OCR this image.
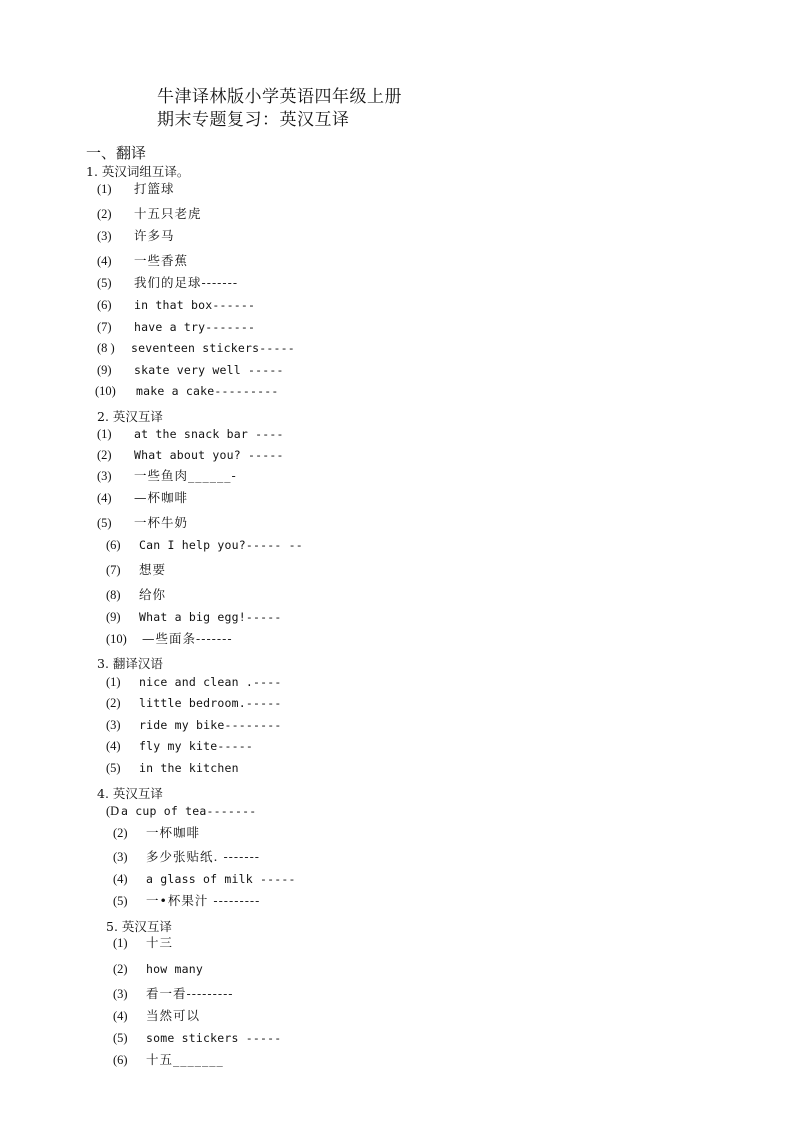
牛津译林版小学英语四年级上册
期末专题复习：英汉互译
一、翻译
1. 英汉词组互译。
(1) 打篮球
(2) 十五只老虎
(3) 许多马
(4) 一些香蕉
(5) 我们的足球-------
(6) in that box------
(7) have a try-------
(8 ) seventeen stickers-----
(9) skate very well -----
(10) make a cake---------
2. 英汉互译
(1) at the snack bar ----
(2) What about you? -----
(3) 一些鱼肉______-
(4) —杯咖啡
(5) 一杯牛奶
(6) Can I help you?----- --
(7) 想要
(8) 给你
(9) What a big egg!-----
(10) —些面条-------
3. 翻译汉语
(1) nice and clean .----
(2) little bedroom.-----
(3) ride my bike--------
(4) fly my kite-----
(5) in the kitchen
4. 英汉互译
(D a cup of tea-------
(2) 一杯咖啡
(3) 多少张贴纸. -------
(4) a glass of milk -----
(5) 一•杯果汁 ---------
5. 英汉互译
(1) 十三
(2) how many
(3) 看一看---------
(4) 当然可以
(5) some stickers -----
(6) 十五_______
